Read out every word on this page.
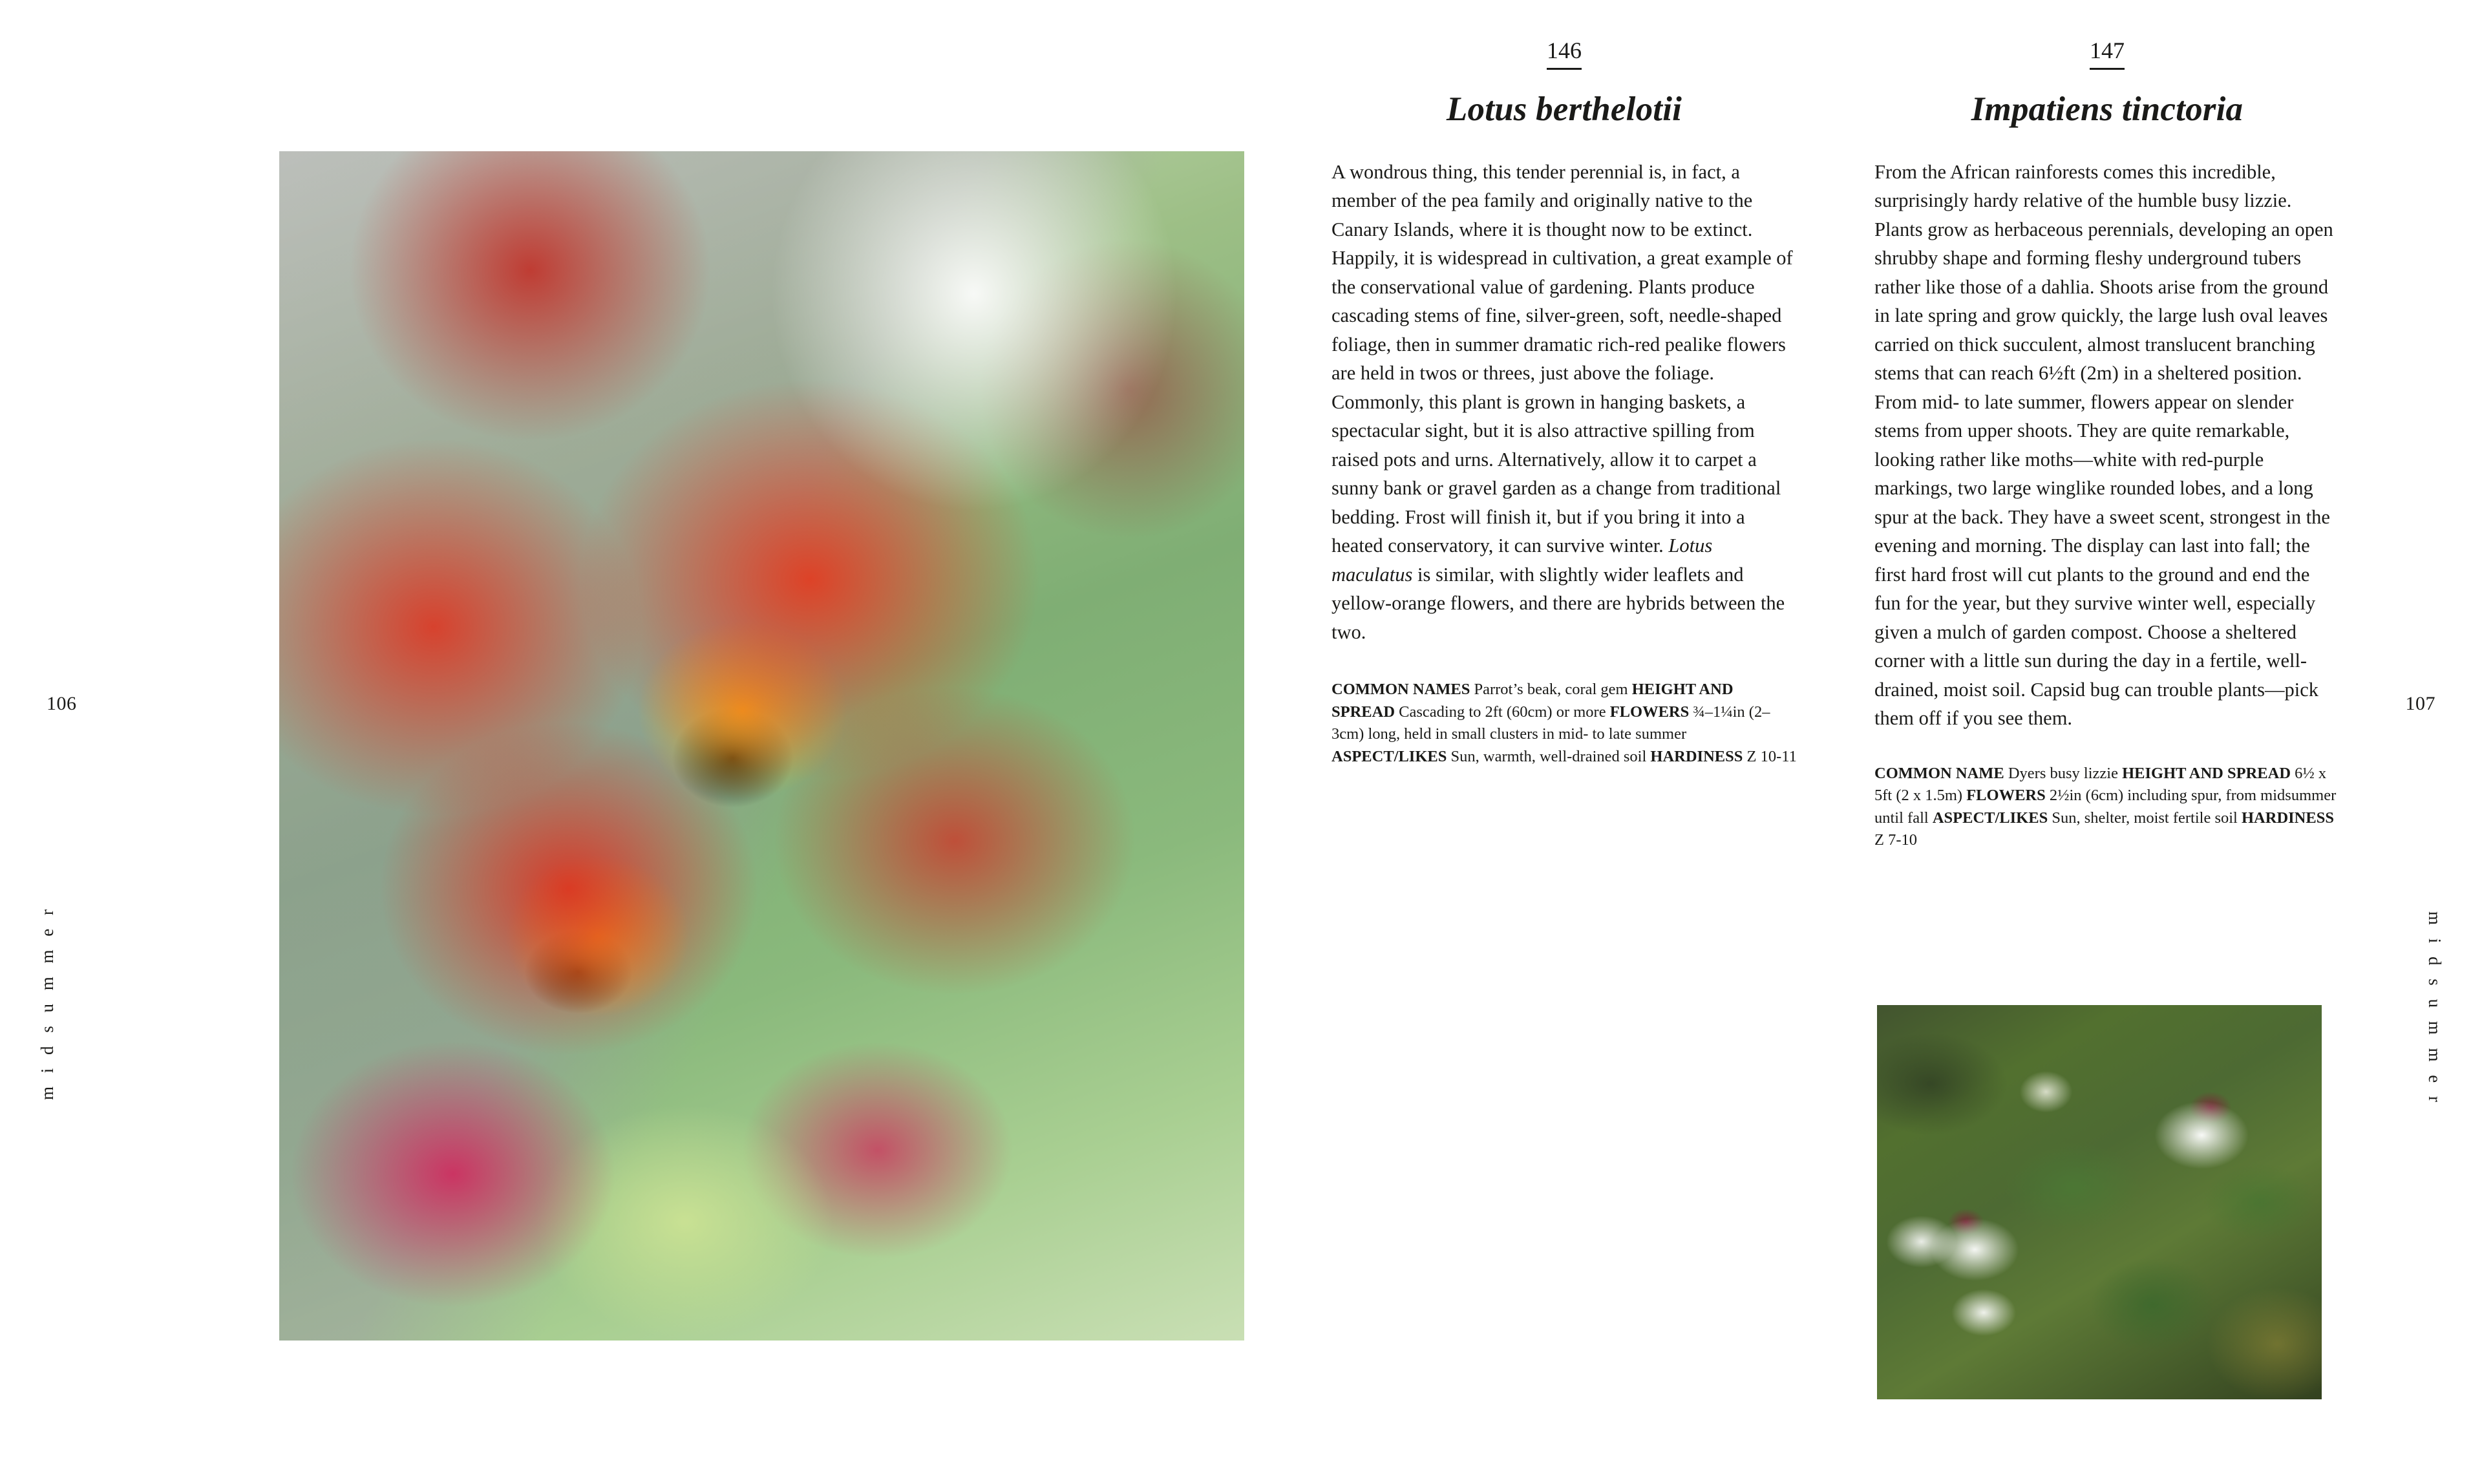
106
m i d s u m m e r
107
m i d s u m m e r
146
Lotus berthelotii

A wondrous thing, this tender perennial is, in fact, a member of the pea family and originally native to the Canary Islands, where it is thought now to be extinct. Happily, it is widespread in cultivation, a great example of the conservational value of gardening. Plants produce cascading stems of fine, silver-green, soft, needle-shaped foliage, then in summer dramatic rich-red pealike flowers are held in twos or threes, just above the foliage. Commonly, this plant is grown in hanging baskets, a spectacular sight, but it is also attractive spilling from raised pots and urns. Alternatively, allow it to carpet a sunny bank or gravel garden as a change from traditional bedding. Frost will finish it, but if you bring it into a heated conservatory, it can survive winter. Lotus maculatus is similar, with slightly wider leaflets and yellow-orange flowers, and there are hybrids between the two.

COMMON NAMES Parrot’s beak, coral gem HEIGHT AND SPREAD Cascading to 2ft (60cm) or more FLOWERS ¾–1¼in (2–3cm) long, held in small clusters in mid- to late summer ASPECT/LIKES Sun, warmth, well-drained soil HARDINESS Z 10-11

147
Impatiens tinctoria

From the African rainforests comes this incredible, surprisingly hardy relative of the humble busy lizzie. Plants grow as herbaceous perennials, developing an open shrubby shape and forming fleshy underground tubers rather like those of a dahlia. Shoots arise from the ground in late spring and grow quickly, the large lush oval leaves carried on thick succulent, almost translucent branching stems that can reach 6½ft (2m) in a sheltered position. From mid- to late summer, flowers appear on slender stems from upper shoots. They are quite remarkable, looking rather like moths—white with red-purple markings, two large winglike rounded lobes, and a long spur at the back. They have a sweet scent, strongest in the evening and morning. The display can last into fall; the first hard frost will cut plants to the ground and end the fun for the year, but they survive winter well, especially given a mulch of garden compost. Choose a sheltered corner with a little sun during the day in a fertile, well-drained, moist soil. Capsid bug can trouble plants—pick them off if you see them.

COMMON NAME Dyers busy lizzie HEIGHT AND SPREAD 6½ x 5ft (2 x 1.5m) FLOWERS 2½in (6cm) including spur, from midsummer until fall ASPECT/LIKES Sun, shelter, moist fertile soil HARDINESS Z 7-10
